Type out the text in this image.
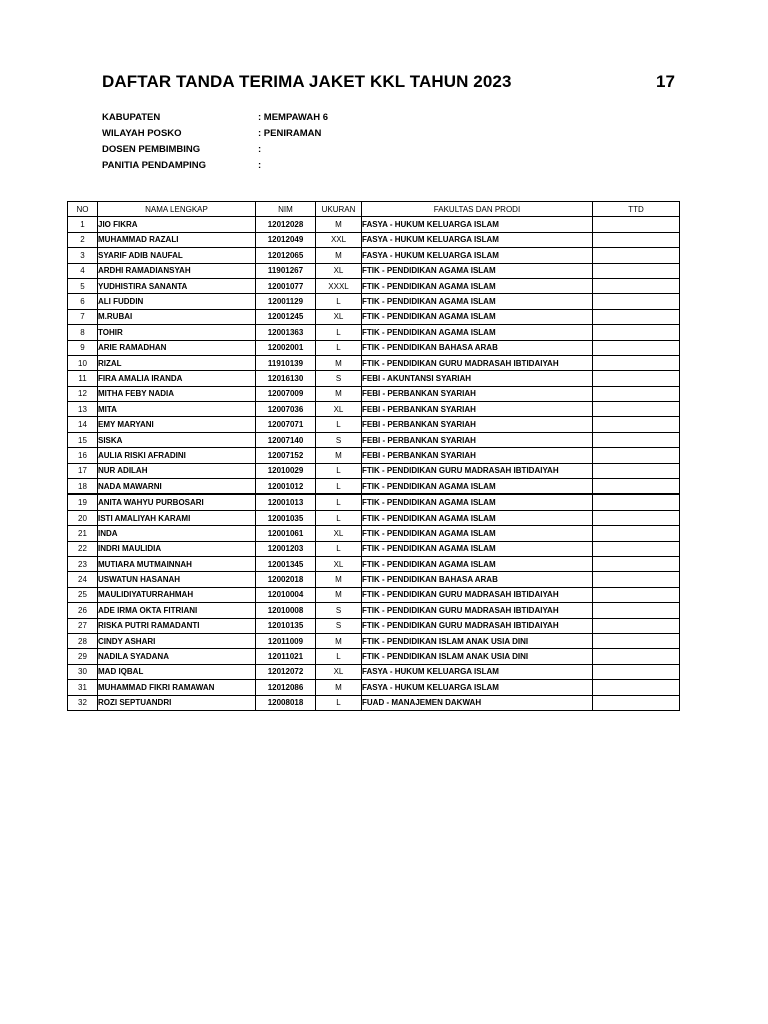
DAFTAR TANDA TERIMA JAKET KKL TAHUN 2023	17
KABUPATEN	: MEMPAWAH 6
WILAYAH POSKO	: PENIRAMAN
DOSEN PEMBIMBING	:
PANITIA PENDAMPING	:
NO	NAMA LENGKAP	NIM	UKURAN	FAKULTAS DAN PRODI	TTD
1	JIO FIKRA	12012028	M	FASYA - HUKUM KELUARGA ISLAM	
2	MUHAMMAD RAZALI	12012049	XXL	FASYA - HUKUM KELUARGA ISLAM	
3	SYARIF ADIB NAUFAL	12012065	M	FASYA - HUKUM KELUARGA ISLAM	
4	ARDHI RAMADIANSYAH	11901267	XL	FTIK - PENDIDIKAN AGAMA ISLAM	
5	YUDHISTIRA SANANTA	12001077	XXXL	FTIK - PENDIDIKAN AGAMA ISLAM	
6	ALI FUDDIN	12001129	L	FTIK - PENDIDIKAN AGAMA ISLAM	
7	M.RUBAI	12001245	XL	FTIK - PENDIDIKAN AGAMA ISLAM	
8	TOHIR	12001363	L	FTIK - PENDIDIKAN AGAMA ISLAM	
9	ARIE RAMADHAN	12002001	L	FTIK - PENDIDIKAN BAHASA ARAB	
10	RIZAL	11910139	M	FTIK - PENDIDIKAN GURU MADRASAH IBTIDAIYAH	
11	FIRA AMALIA IRANDA	12016130	S	FEBI - AKUNTANSI SYARIAH	
12	MITHA FEBY NADIA	12007009	M	FEBI - PERBANKAN SYARIAH	
13	MITA	12007036	XL	FEBI - PERBANKAN SYARIAH	
14	EMY MARYANI	12007071	L	FEBI - PERBANKAN SYARIAH	
15	SISKA	12007140	S	FEBI - PERBANKAN SYARIAH	
16	AULIA RISKI AFRADINI	12007152	M	FEBI - PERBANKAN SYARIAH	
17	NUR ADILAH	12010029	L	FTIK - PENDIDIKAN GURU MADRASAH IBTIDAIYAH	
18	NADA MAWARNI	12001012	L	FTIK - PENDIDIKAN AGAMA ISLAM	
19	ANITA WAHYU PURBOSARI	12001013	L	FTIK - PENDIDIKAN AGAMA ISLAM	
20	ISTI AMALIYAH KARAMI	12001035	L	FTIK - PENDIDIKAN AGAMA ISLAM	
21	INDA	12001061	XL	FTIK - PENDIDIKAN AGAMA ISLAM	
22	INDRI MAULIDIA	12001203	L	FTIK - PENDIDIKAN AGAMA ISLAM	
23	MUTIARA MUTMAINNAH	12001345	XL	FTIK - PENDIDIKAN AGAMA ISLAM	
24	USWATUN HASANAH	12002018	M	FTIK - PENDIDIKAN BAHASA ARAB	
25	MAULIDIYATURRAHMAH	12010004	M	FTIK - PENDIDIKAN GURU MADRASAH IBTIDAIYAH	
26	ADE IRMA OKTA FITRIANI	12010008	S	FTIK - PENDIDIKAN GURU MADRASAH IBTIDAIYAH	
27	RISKA PUTRI RAMADANTI	12010135	S	FTIK - PENDIDIKAN GURU MADRASAH IBTIDAIYAH	
28	CINDY ASHARI	12011009	M	FTIK - PENDIDIKAN ISLAM ANAK USIA DINI	
29	NADILA SYADANA	12011021	L	FTIK - PENDIDIKAN ISLAM ANAK USIA DINI	
30	MAD IQBAL	12012072	XL	FASYA - HUKUM KELUARGA ISLAM	
31	MUHAMMAD FIKRI RAMAWAN	12012086	M	FASYA - HUKUM KELUARGA ISLAM	
32	ROZI SEPTUANDRI	12008018	L	FUAD - MANAJEMEN DAKWAH	
